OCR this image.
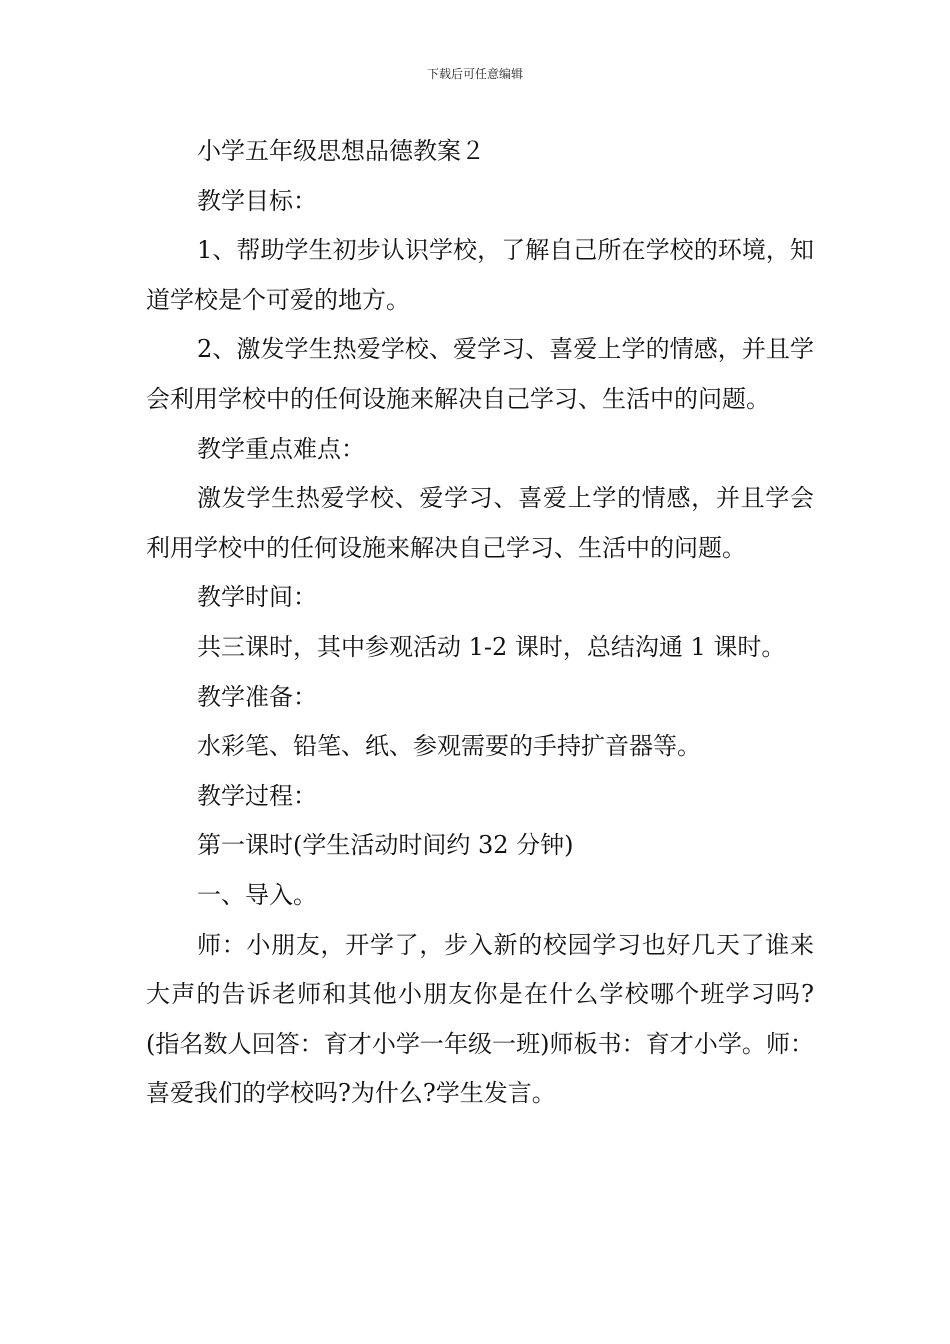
下载后可任意编辑

小学五年级思想品德教案２

教学目标：

1、帮助学生初步认识学校，了解自己所在学校的环境，知道学校是个可爱的地方。

2、激发学生热爱学校、爱学习、喜爱上学的情感，并且学会利用学校中的任何设施来解决自己学习、生活中的问题。

教学重点难点：

激发学生热爱学校、爱学习、喜爱上学的情感，并且学会利用学校中的任何设施来解决自己学习、生活中的问题。

教学时间：

共三课时，其中参观活动 1-2 课时，总结沟通 1 课时。

教学准备：

水彩笔、铅笔、纸、参观需要的手持扩音器等。

教学过程：

第一课时(学生活动时间约 32 分钟)

一、导入。

师：小朋友，开学了，步入新的校园学习也好几天了谁来大声的告诉老师和其他小朋友你是在什么学校哪个班学习吗?(指名数人回答：育才小学一年级一班)师板书：育才小学。师：喜爱我们的学校吗?为什么?学生发言。
